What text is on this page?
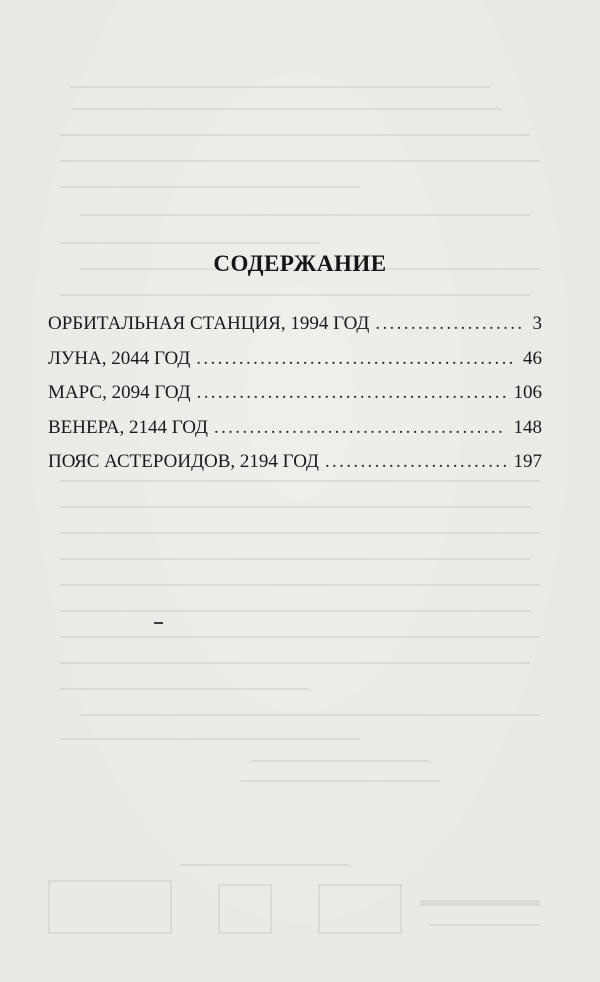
СОДЕРЖАНИЕ
ОРБИТАЛЬНАЯ СТАНЦИЯ, 1994 ГОД . . .	3
ЛУНА, 2044 ГОД . . .	46
МАРС, 2094 ГОД . . .	106
ВЕНЕРА, 2144 ГОД . . .	148
ПОЯС АСТЕРОИДОВ, 2194 ГОД . . .	197
